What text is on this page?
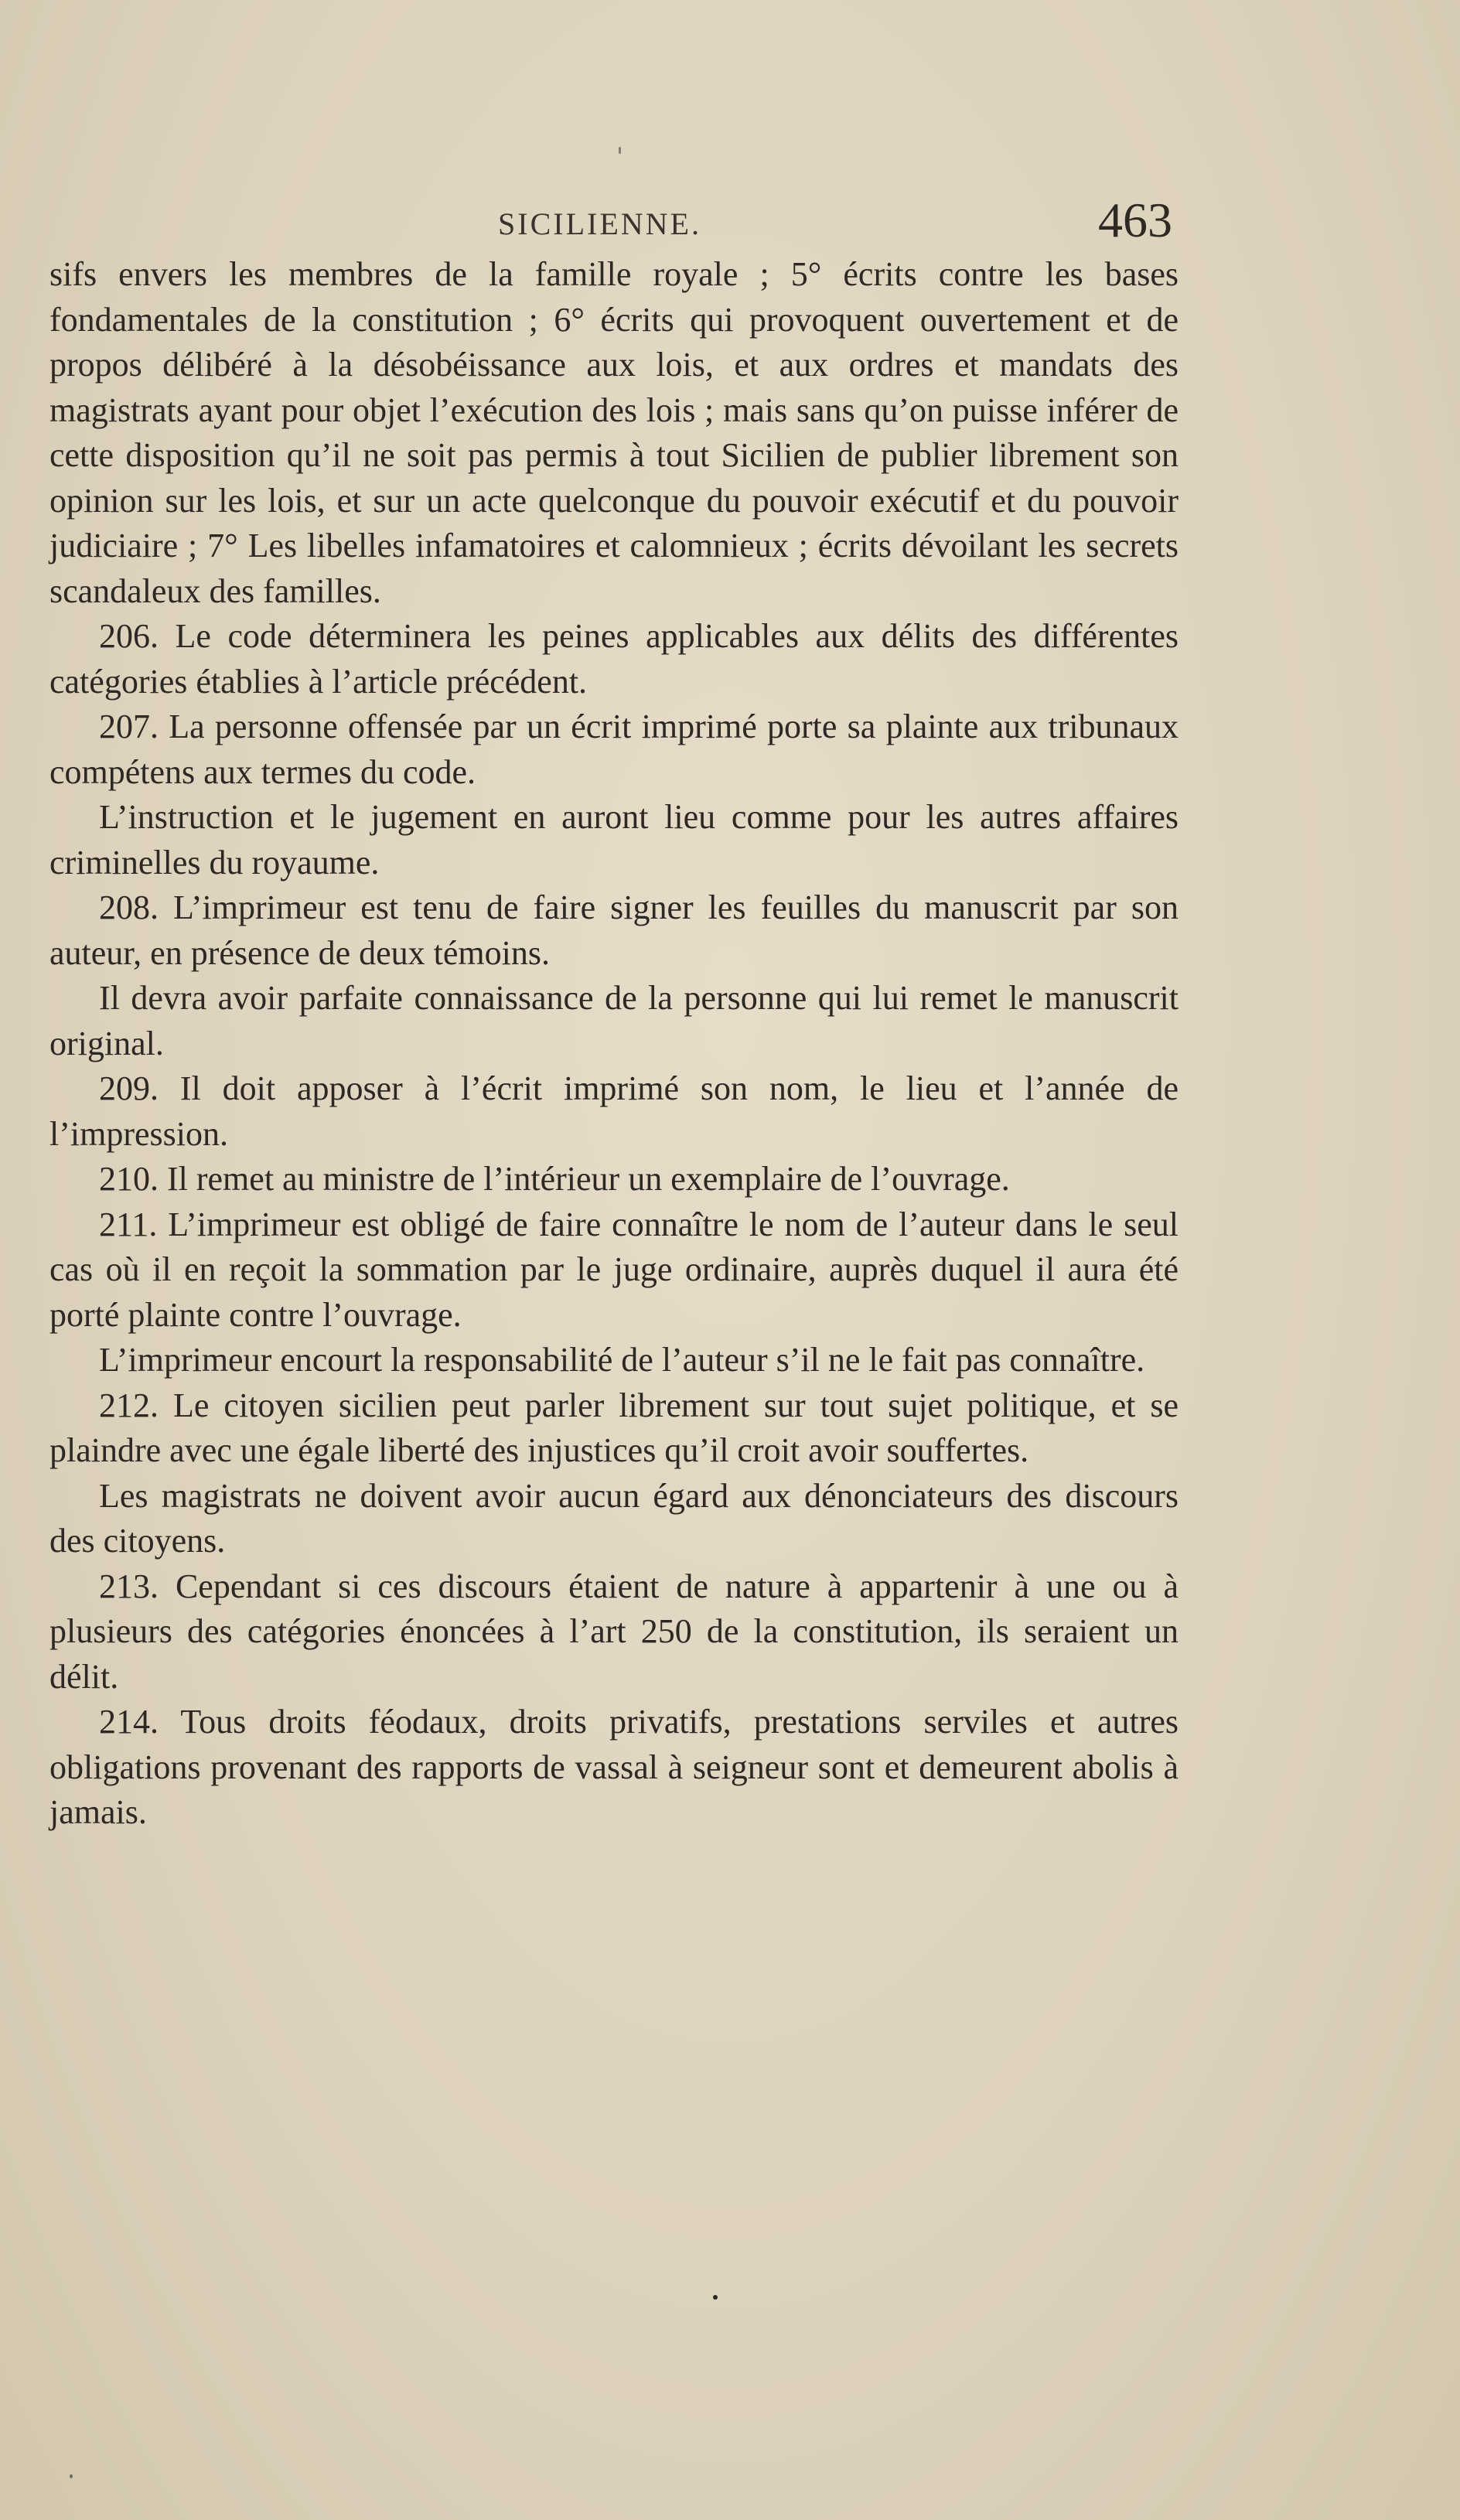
SICILIENNE.	463

sifs envers les membres de la famille royale ; 5° écrits contre les bases fondamentales de la constitution ; 6° écrits qui provoquent ouvertement et de propos délibéré à la désobéissance aux lois, et aux ordres et mandats des magistrats ayant pour objet l’exécution des lois ; mais sans qu’on puisse inférer de cette disposition qu’il ne soit pas permis à tout Sicilien de publier librement son opinion sur les lois, et sur un acte quelconque du pouvoir exécutif et du pouvoir judiciaire ; 7° Les libelles infamatoires et calomnieux ; écrits dévoilant les secrets scandaleux des familles.

206. Le code déterminera les peines applicables aux délits des différentes catégories établies à l’article précédent.

207. La personne offensée par un écrit imprimé porte sa plainte aux tribunaux compétens aux termes du code.

L’instruction et le jugement en auront lieu comme pour les autres affaires criminelles du royaume.

208. L’imprimeur est tenu de faire signer les feuilles du manuscrit par son auteur, en présence de deux témoins.

Il devra avoir parfaite connaissance de la personne qui lui remet le manuscrit original.

209. Il doit apposer à l’écrit imprimé son nom, le lieu et l’année de l’impression.

210. Il remet au ministre de l’intérieur un exemplaire de l’ouvrage.

211. L’imprimeur est obligé de faire connaître le nom de l’auteur dans le seul cas où il en reçoit la sommation par le juge ordinaire, auprès duquel il aura été porté plainte contre l’ouvrage.

L’imprimeur encourt la responsabilité de l’auteur s’il ne le fait pas connaître.

212. Le citoyen sicilien peut parler librement sur tout sujet politique, et se plaindre avec une égale liberté des injustices qu’il croit avoir souffertes.

Les magistrats ne doivent avoir aucun égard aux dénonciateurs des discours des citoyens.

213. Cependant si ces discours étaient de nature à appartenir à une ou à plusieurs des catégories énoncées à l’art 250 de la constitution, ils seraient un délit.

214. Tous droits féodaux, droits privatifs, prestations serviles et autres obligations provenant des rapports de vassal à seigneur sont et demeurent abolis à jamais.
